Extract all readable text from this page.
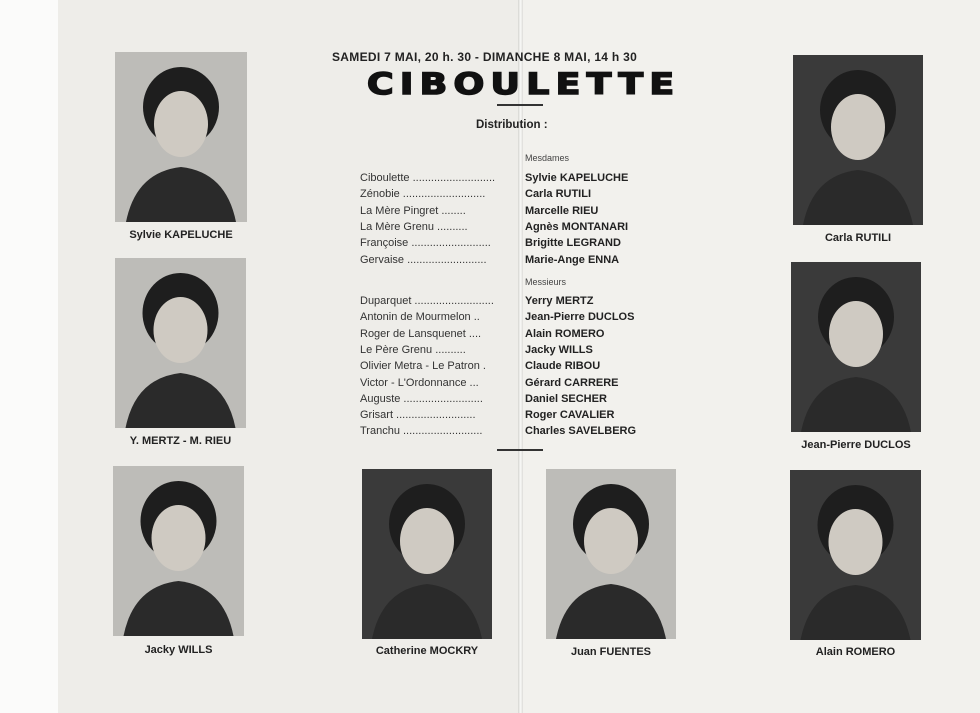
SAMEDI 7 MAI, 20 h. 30 - DIMANCHE 8 MAI, 14 h 30
CIBOULETTE
Distribution :
Mesdames
Messieurs
Ciboulette ...........................	Sylvie KAPELUCHE
Zénobie ...........................	Carla RUTILI
La Mère Pingret ........	Marcelle RIEU
La Mère Grenu ..........	Agnès MONTANARI
Françoise ..........................	Brigitte LEGRAND
Gervaise ..........................	Marie-Ange ENNA
Duparquet ..........................	Yerry MERTZ
Antonin de Mourmelon ..	Jean-Pierre DUCLOS
Roger de Lansquenet ....	Alain ROMERO
Le Père Grenu ..........	Jacky WILLS
Olivier Metra - Le Patron .	Claude RIBOU
Victor - L'Ordonnance ...	Gérard CARRERE
Auguste ..........................	Daniel SECHER
Grisart ..........................	Roger CAVALIER
Tranchu ..........................	Charles SAVELBERG
Sylvie KAPELUCHE	Carla RUTILI
Y. MERTZ - M. RIEU	Jean-Pierre DUCLOS
Jacky WILLS	Catherine MOCKRY	Juan FUENTES	Alain ROMERO
